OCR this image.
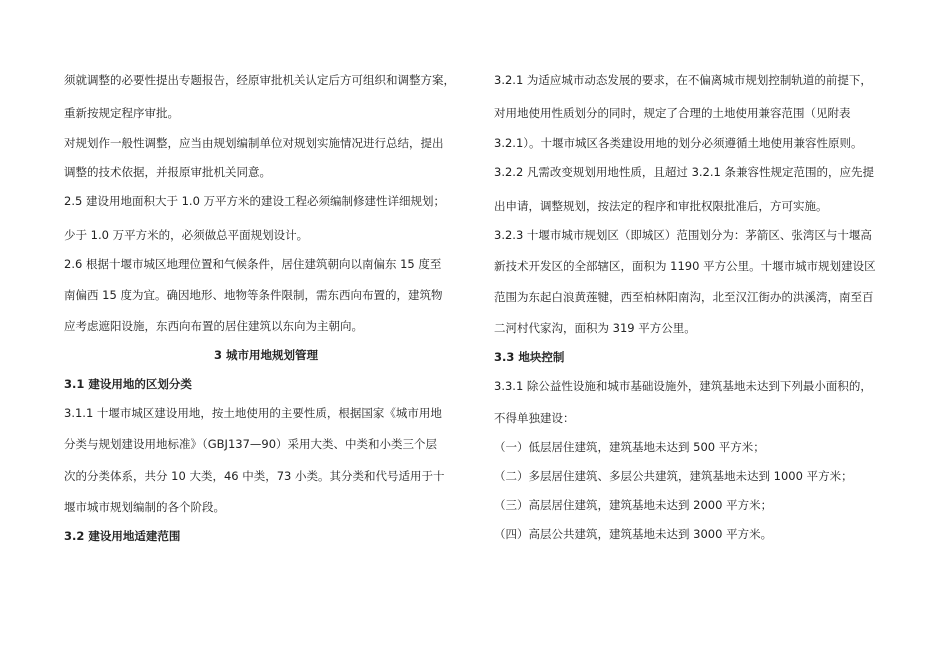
须就调整的必要性提出专题报告，经原审批机关认定后方可组织和调整方案，
重新按规定程序审批。
对规划作一般性调整，应当由规划编制单位对规划实施情况进行总结，提出
调整的技术依据，并报原审批机关同意。
2.5 建设用地面积大于 1.0 万平方米的建设工程必须编制修建性详细规划；
少于 1.0 万平方米的，必须做总平面规划设计。
2.6 根据十堰市城区地理位置和气候条件，居住建筑朝向以南偏东 15 度至
南偏西 15 度为宜。确因地形、地物等条件限制，需东西向布置的，建筑物
应考虑遮阳设施，东西向布置的居住建筑以东向为主朝向。
3 城市用地规划管理
3.1 建设用地的区划分类
3.1.1 十堰市城区建设用地，按土地使用的主要性质，根据国家《城市用地
分类与规划建设用地标准》（GBJ137—90）采用大类、中类和小类三个层
次的分类体系，共分 10 大类，46 中类，73 小类。其分类和代号适用于十
堰市城市规划编制的各个阶段。
3.2 建设用地适建范围
3.2.1 为适应城市动态发展的要求，在不偏离城市规划控制轨道的前提下，
对用地使用性质划分的同时，规定了合理的土地使用兼容范围（见附表
3.2.1）。十堰市城区各类建设用地的划分必须遵循土地使用兼容性原则。
3.2.2 凡需改变规划用地性质，且超过 3.2.1 条兼容性规定范围的，应先提
出申请，调整规划，按法定的程序和审批权限批准后，方可实施。
3.2.3 十堰市城市规划区（即城区）范围划分为：茅箭区、张湾区与十堰高
新技术开发区的全部辖区，面积为 1190 平方公里。十堰市城市规划建设区
范围为东起白浪黄莲犍，西至柏林阳南沟，北至汉江街办的洪溪湾，南至百
二河村代家沟，面积为 319 平方公里。
3.3 地块控制
3.3.1 除公益性设施和城市基础设施外，建筑基地未达到下列最小面积的，
不得单独建设：
（一）低层居住建筑，建筑基地未达到 500 平方米；
（二）多层居住建筑、多层公共建筑，建筑基地未达到 1000 平方米；
（三）高层居住建筑，建筑基地未达到 2000 平方米；
（四）高层公共建筑，建筑基地未达到 3000 平方米。
